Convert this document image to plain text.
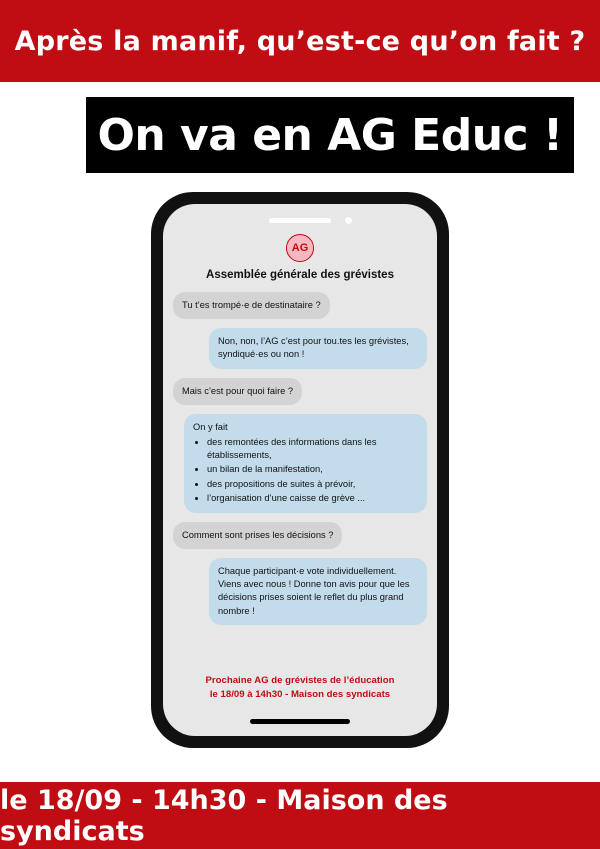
Après la manif, qu’est-ce qu’on fait ?
On va en AG Educ !
AG
Assemblée générale des grévistes
Tu t’es trompé·e de destinataire ?
Non, non, l’AG c’est pour tou.tes les grévistes, syndiqué·es ou non !
Mais c’est pour quoi faire ?

On y fait

• des remontées des informations dans les établissements,
• un bilan de la manifestation,
• des propositions de suites à prévoir,
• l’organisation d’une caisse de grève ...
Comment sont prises les décisions ?
Chaque participant·e vote individuellement. Viens avec nous ! Donne ton avis pour que les décisions prises soient le reflet du plus grand nombre !
Prochaine AG de grévistes de l’éducation
le 18/09 à 14h30 - Maison des syndicats
le 18/09 - 14h30 - Maison des syndicats
